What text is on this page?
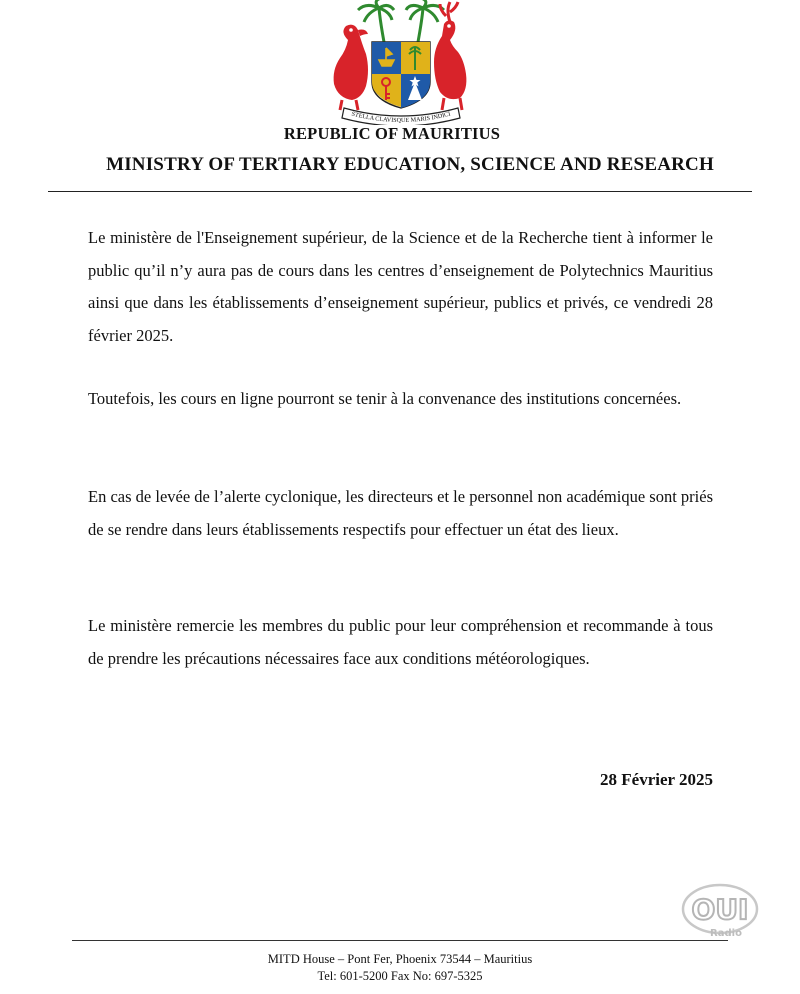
STELLA CLAVISQUE MARIS INDICI
REPUBLIC OF MAURITIUS
MINISTRY OF TERTIARY EDUCATION, SCIENCE AND RESEARCH

Le ministère de l'Enseignement supérieur, de la Science et de la Recherche tient à informer le public qu’il n’y aura pas de cours dans les centres d’enseignement de Polytechnics Mauritius ainsi que dans les établissements d’enseignement supérieur, publics et privés, ce vendredi 28 février 2025.

Toutefois, les cours en ligne pourront se tenir à la convenance des institutions concernées.

En cas de levée de l’alerte cyclonique, les directeurs et le personnel non académique sont priés de se rendre dans leurs établissements respectifs pour effectuer un état des lieux.

Le ministère remercie les membres du public pour leur compréhension et recommande à tous de prendre les précautions nécessaires face aux conditions météorologiques.

28 Février 2025
OUI
Radio
MITD House – Pont Fer, Phoenix 73544 – Mauritius
Tel: 601-5200 Fax No: 697-5325
